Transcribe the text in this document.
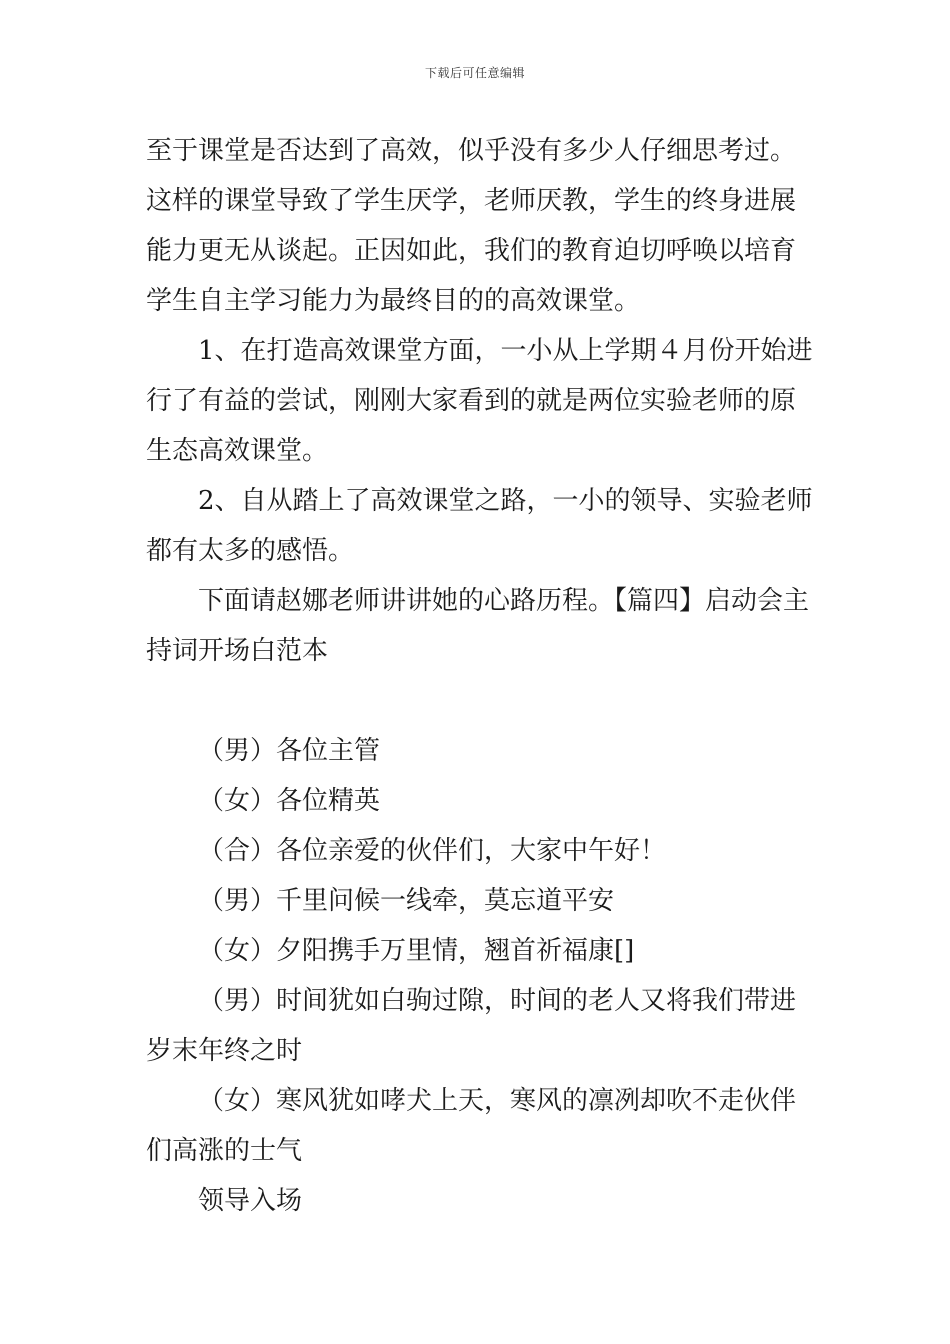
下载后可任意编辑

至于课堂是否达到了高效，似乎没有多少人仔细思考过。这样的课堂导致了学生厌学，老师厌教，学生的终身进展能力更无从谈起。正因如此，我们的教育迫切呼唤以培育学生自主学习能力为最终目的的高效课堂。

1、在打造高效课堂方面，一小从上学期４月份开始进行了有益的尝试，刚刚大家看到的就是两位实验老师的原生态高效课堂。

2、自从踏上了高效课堂之路，一小的领导、实验老师都有太多的感悟。

下面请赵娜老师讲讲她的心路历程。【篇四】启动会主持词开场白范本

（男）各位主管

（女）各位精英

（合）各位亲爱的伙伴们，大家中午好！

（男）千里问候一线牵，莫忘道平安

（女）夕阳携手万里情，翘首祈福康[]

（男）时间犹如白驹过隙，时间的老人又将我们带进岁末年终之时

（女）寒风犹如哮犬上天，寒风的凛冽却吹不走伙伴们高涨的士气

领导入场
